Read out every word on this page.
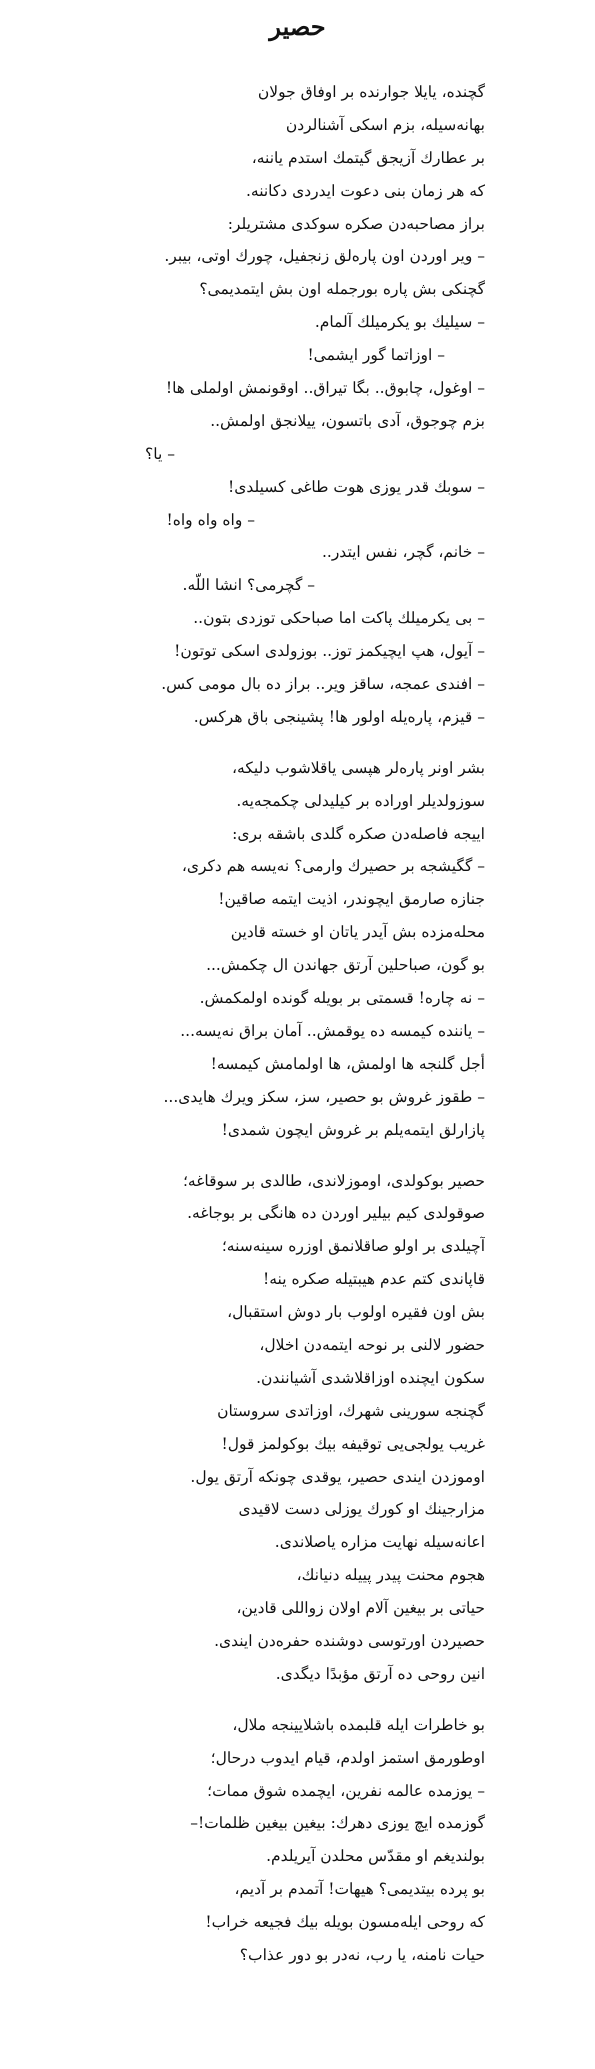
حصیر
گچنده، یایلا جوارنده بر اوفاق جولان
بهانه‌سیله، بزم اسکی آشنالردن
بر عطارك آزیجق گیتمك استدم یاننه،
که هر زمان بنی دعوت ایدردی دکاننه.
براز مصاحبه‌دن صکره سوکدی مشتریلر:
– ویر اوردن اون پاره‌لق زنجفیل، چورك اوتی، بیبر.
گچنکی بش پاره بورجمله اون بش ایتمدیمی؟
– سیلیك بو یکرمیلك آلمام.
– اوزاتما گور ایشمی!
– اوغول، چابوق.. بگا تیراق.. اوقونمش اولملی ها!
بزم چوجوق، آدی باتسون، ییلانجق اولمش..
– یا؟
– سوبك قدر یوزی هوت طاغی کسیلدی!
– واه واه واه!
– خانم، گچر، نفس ایتدر..
– گچرمی؟ انشا اللّه.
– بی یکرمیلك پاکت اما صباحکی توزدی بتون..
– آیول، هپ ایچیکمز توز.. بوزولدی اسکی توتون!
– افندی عمجه، ساقز ویر.. براز ده بال مومی کس.
– قیزم، پاره‌یله اولور ها! پشینجی باق هرکس.
بشر اونر پاره‌لر هپسی یاقلاشوب دلیکه،
سوزولدیلر اوراده بر کیلیدلی چکمجه‌یه.
اییجه فاصله‌دن صکره گلدی باشقه بری:
– گگیشجه بر حصیرك وارمی؟ نه‌یسه هم دکری،
جنازه صارمق ایچوندر، اذیت ایتمه صاقین!
محله‌مزده بش آیدر یاتان او خسته قادین
بو گون، صباحلین آرتق جهاندن ال چکمش...
– نه چاره! قسمتی بر بویله گونده اولمکمش.
– یاننده کیمسه ده یوقمش.. آمان براق نه‌یسه...
أجل گلنجه ها اولمش، ها اولمامش کیمسه!
– طقوز غروش بو حصیر، سز، سکز ویرك هایدی...
پازارلق ایتمه‌یلم بر غروش ایچون شمدی!
حصیر بوکولدی، اوموزلاندی، طالدی بر سوقاغه؛
صوقولدی کیم بیلیر اوردن ده هانگی بر بوجاغه.
آچیلدی بر اولو صاقلانمق اوزره سینه‌سنه؛
قاپاندی کتم عدم هیبتیله صکره ینه!
بش اون فقیره اولوب بار دوش استقبال،
حضور لالنی بر نوحه ایتمه‌دن اخلال،
سکون ایچنده اوزاقلاشدی آشیانندن.
گچنجه سورینی شهرك، اوزاتدی سروستان
غریب یولجی‌یی توقیفه بیك بوکولمز قول!
اوموزدن ایندی حصیر، یوقدی چونکه آرتق یول.
مزارجینك او کورك یوزلی دست لاقیدی
اعانه‌سیله نهایت مزاره یاصلاندی.
هجوم محنت پیدر پییله دنیانك،
حیاتی بر بیغین آلام اولان زواللی قادین،
حصیردن اورتوسی دوشنده حفره‌دن ایندی.
انین روحی ده آرتق مؤبدًا دیگدی.
بو خاطرات ایله قلبمده باشلایینجه ملال،
اوطورمق استمز اولدم، قیام ایدوب درحال؛
– یوزمده عالمه نفرین، ایچمده شوق ممات؛
گوزمده ایچ یوزی دهرك: بیغین بیغین ظلمات!–
بولندیغم او مقدّس محلدن آیریلدم.
بو پرده بیتدیمی؟ هیهات! آتمدم بر آدیم،
که روحی ایله‌مسون بویله بیك فجیعه خراب!
حیات نامنه، یا رب، نه‌در بو دور عذاب؟
